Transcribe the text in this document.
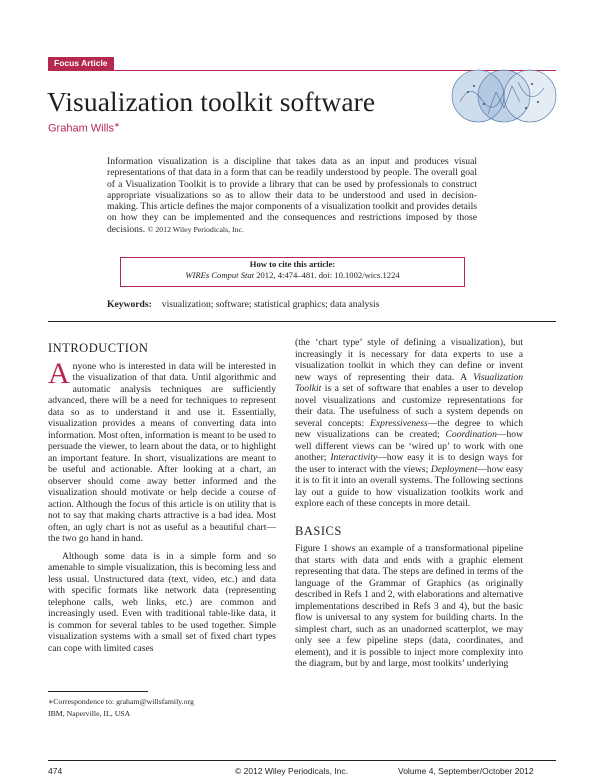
Focus Article
Visualization toolkit software
Graham Wills∗
Information visualization is a discipline that takes data as an input and produces visual representations of that data in a form that can be readily understood by people. The overall goal of a Visualization Toolkit is to provide a library that can be used by professionals to construct appropriate visualizations so as to allow their data to be understood and used in decision-making. This article defines the major components of a visualization toolkit and provides details on how they can be implemented and the consequences and restrictions imposed by those decisions. © 2012 Wiley Periodicals, Inc.
How to cite this article:
WIREs Comput Stat 2012, 4:474–481. doi: 10.1002/wics.1224
Keywords: visualization; software; statistical graphics; data analysis
INTRODUCTION

Anyone who is interested in data will be interested in the visualization of that data. Until algorithmic and automatic analysis techniques are sufficiently advanced, there will be a need for techniques to represent data so as to understand it and use it. Essentially, visualization provides a means of converting data into information. Most often, information is meant to be used to persuade the viewer, to learn about the data, or to highlight an important feature. In short, visualizations are meant to be useful and actionable. After looking at a chart, an observer should come away better informed and the visualization should motivate or help decide a course of action. Although the focus of this article is on utility that is not to say that making charts attractive is a bad idea. Most often, an ugly chart is not as useful as a beautiful chart—the two go hand in hand.

Although some data is in a simple form and so amenable to simple visualization, this is becoming less and less usual. Unstructured data (text, video, etc.) and data with specific formats like network data (representing telephone calls, web links, etc.) are common and increasingly used. Even with traditional table-like data, it is common for several tables to be used together. Simple visualization systems with a small set of fixed chart types can cope with limited cases

(the ‘chart type’ style of defining a visualization), but increasingly it is necessary for data experts to use a visualization toolkit in which they can define or invent new ways of representing their data. A Visualization Toolkit is a set of software that enables a user to develop novel visualizations and customize representations for their data. The usefulness of such a system depends on several concepts: Expressiveness—the degree to which new visualizations can be created; Coordination—how well different views can be ‘wired up’ to work with one another; Interactivity—how easy it is to design ways for the user to interact with the views; Deployment—how easy it is to fit it into an overall systems. The following sections lay out a guide to how visualization toolkits work and explore each of these concepts in more detail.

BASICS

Figure 1 shows an example of a transformational pipeline that starts with data and ends with a graphic element representing that data. The steps are defined in terms of the language of the Grammar of Graphics (as originally described in Refs 1 and 2, with elaborations and alternative implementations described in Refs 3 and 4), but the basic flow is universal to any system for building charts. In the simplest chart, such as an unadorned scatterplot, we may only see a few pipeline steps (data, coordinates, and element), and it is possible to inject more complexity into the diagram, but by and large, most toolkits’ underlying

∗Correspondence to: graham@willsfamily.org
IBM, Naperville, IL, USA
474	© 2012 Wiley Periodicals, Inc.	Volume 4, September/October 2012
